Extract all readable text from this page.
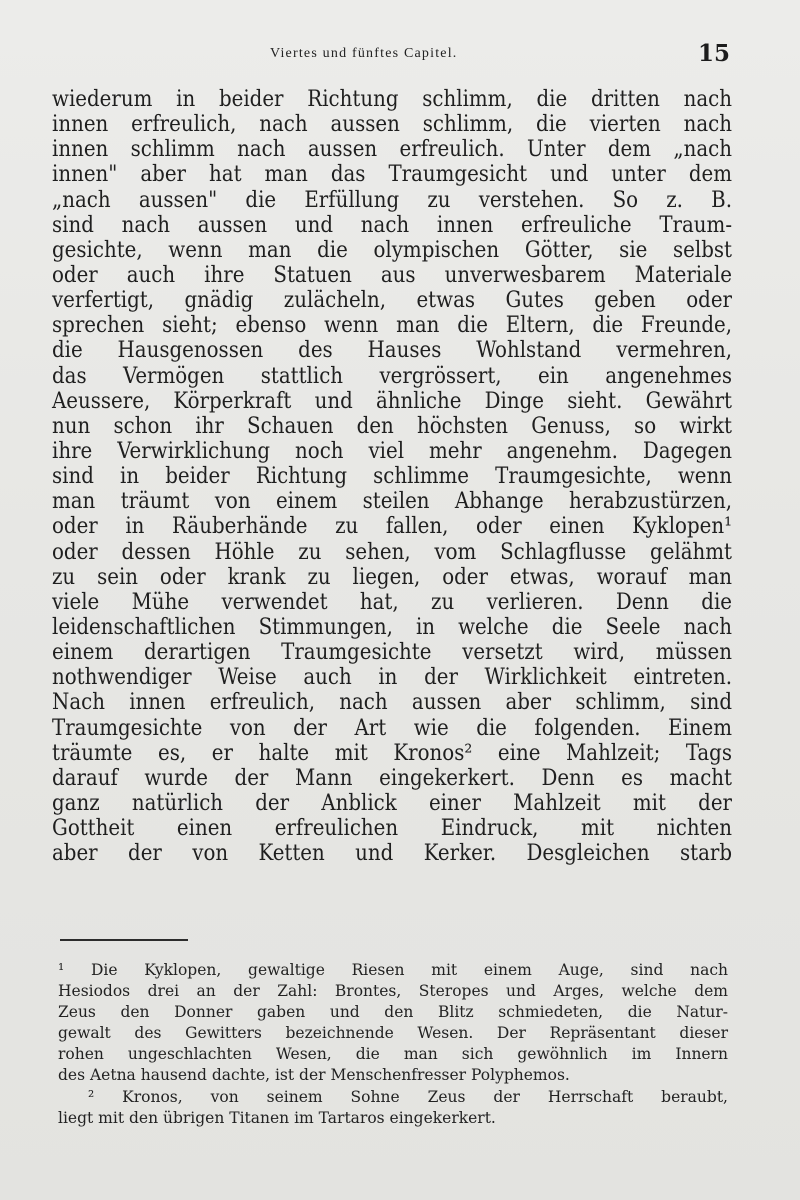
Viertes und fünftes Capitel.	15
wiederum in beider Richtung schlimm, die dritten nach
innen erfreulich, nach aussen schlimm, die vierten nach
innen schlimm nach aussen erfreulich. Unter dem „nach
innen" aber hat man das Traumgesicht und unter dem
„nach aussen" die Erfüllung zu verstehen. So z. B.
sind nach aussen und nach innen erfreuliche Traum-
gesichte, wenn man die olympischen Götter, sie selbst
oder auch ihre Statuen aus unverwesbarem Materiale
verfertigt, gnädig zulächeln, etwas Gutes geben oder
sprechen sieht; ebenso wenn man die Eltern, die Freunde,
die Hausgenossen des Hauses Wohlstand vermehren,
das Vermögen stattlich vergrössert, ein angenehmes
Aeussere, Körperkraft und ähnliche Dinge sieht. Gewährt
nun schon ihr Schauen den höchsten Genuss, so wirkt
ihre Verwirklichung noch viel mehr angenehm. Dagegen
sind in beider Richtung schlimme Traumgesichte, wenn
man träumt von einem steilen Abhange herabzustürzen,
oder in Räuberhände zu fallen, oder einen Kyklopen¹
oder dessen Höhle zu sehen, vom Schlagflusse gelähmt
zu sein oder krank zu liegen, oder etwas, worauf man
viele Mühe verwendet hat, zu verlieren. Denn die
leidenschaftlichen Stimmungen, in welche die Seele nach
einem derartigen Traumgesichte versetzt wird, müssen
nothwendiger Weise auch in der Wirklichkeit eintreten.
Nach innen erfreulich, nach aussen aber schlimm, sind
Traumgesichte von der Art wie die folgenden. Einem
träumte es, er halte mit Kronos² eine Mahlzeit; Tags
darauf wurde der Mann eingekerkert. Denn es macht
ganz natürlich der Anblick einer Mahlzeit mit der
Gottheit einen erfreulichen Eindruck, mit nichten
aber der von Ketten und Kerker. Desgleichen starb
¹ Die Kyklopen, gewaltige Riesen mit einem Auge, sind nach
Hesiodos drei an der Zahl: Brontes, Steropes und Arges, welche dem
Zeus den Donner gaben und den Blitz schmiedeten, die Natur-
gewalt des Gewitters bezeichnende Wesen. Der Repräsentant dieser
rohen ungeschlachten Wesen, die man sich gewöhnlich im Innern
des Aetna hausend dachte, ist der Menschenfresser Polyphemos.
² Kronos, von seinem Sohne Zeus der Herrschaft beraubt,
liegt mit den übrigen Titanen im Tartaros eingekerkert.
